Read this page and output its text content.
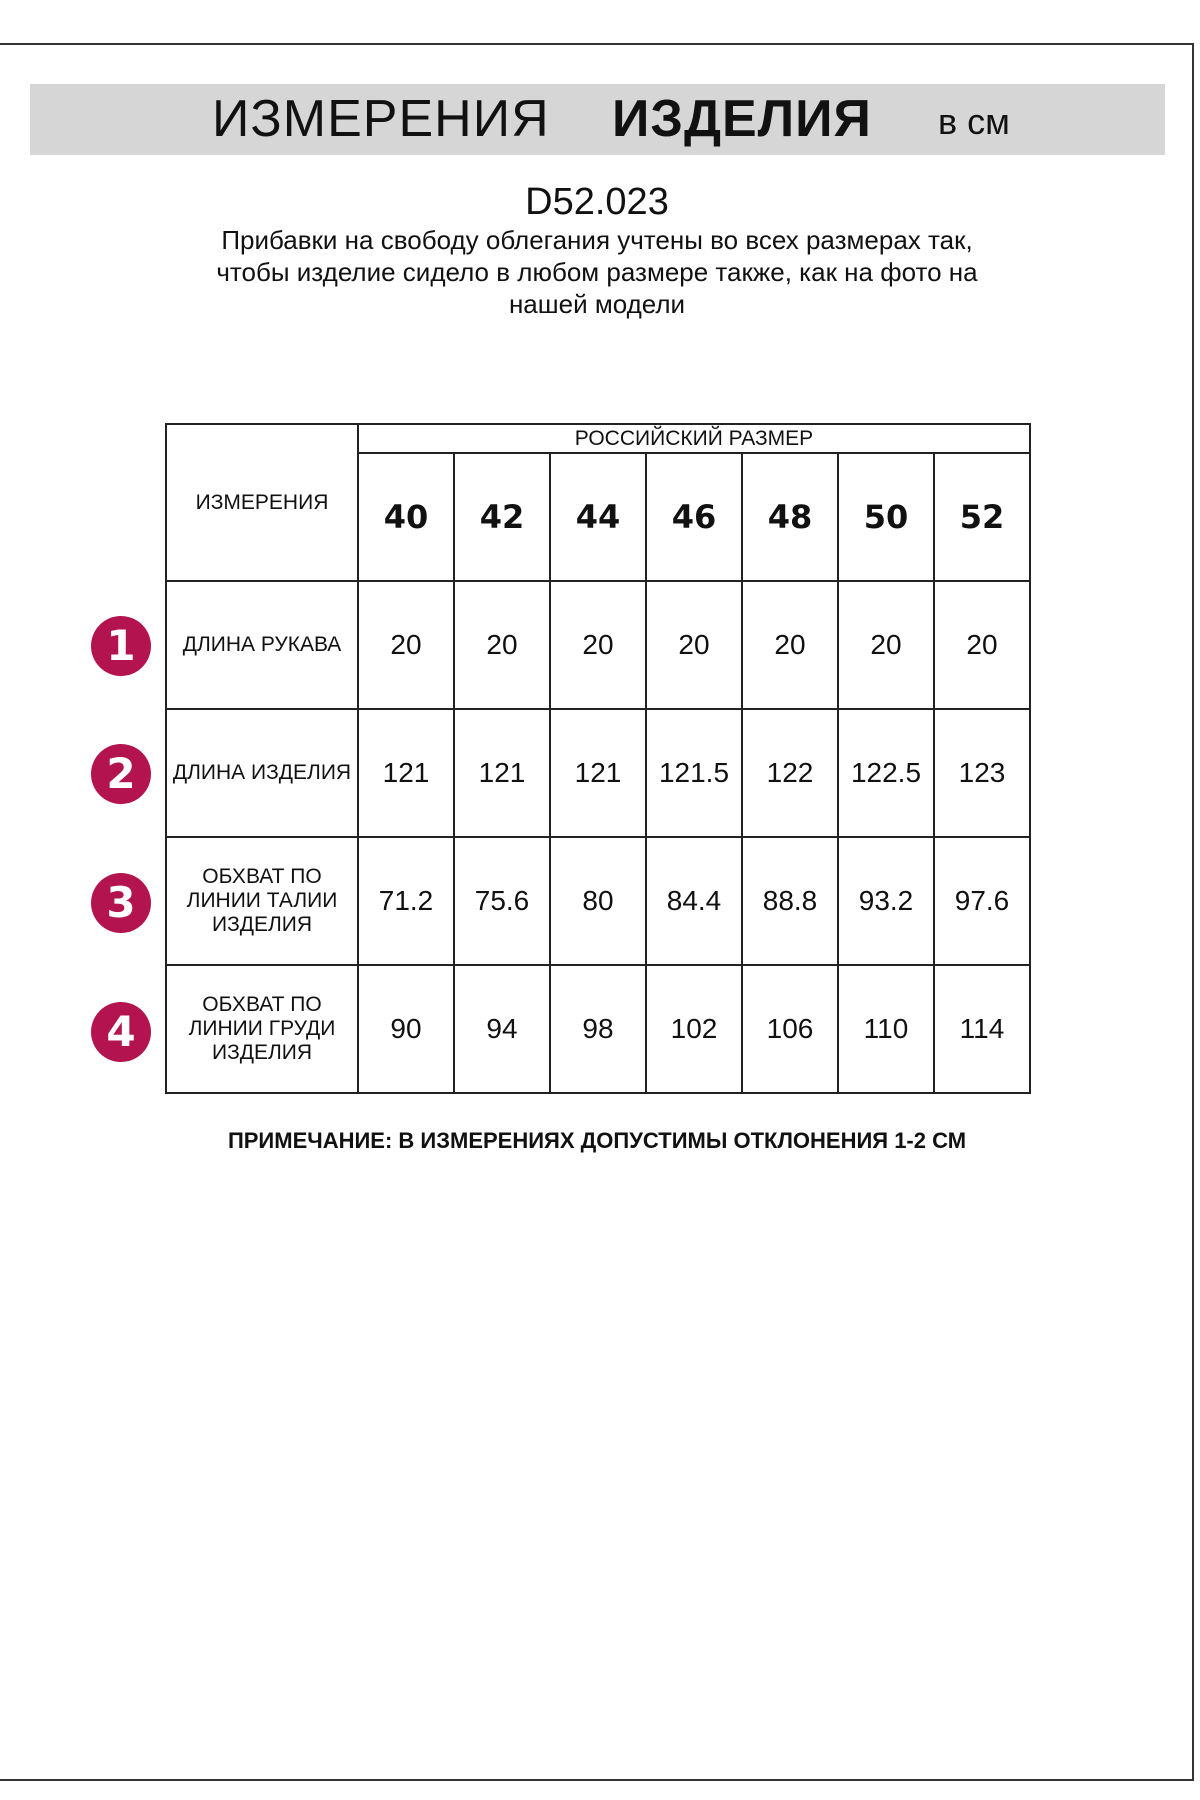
ИЗМЕРЕНИЯ ИЗДЕЛИЯ в см
D52.023
Прибавки на свободу облегания учтены во всех размерах так,
чтобы изделие сидело в любом размере также, как на фото на
нашей модели
ИЗМЕРЕНИЯ	РОССИЙСКИЙ РАЗМЕР						
	40	42	44	46	48	50	52

ДЛИНА РУКАВА	20	20	20	20	20	20	20

ДЛИНА ИЗДЕЛИЯ	121	121	121	121.5	122	122.5	123

ОБХВАТ ПО
ЛИНИИ ТАЛИИ
ИЗДЕЛИЯ	71.2	75.6	80	84.4	88.8	93.2	97.6

ОБХВАТ ПО
ЛИНИИ ГРУДИ
ИЗДЕЛИЯ	90	94	98	102	106	110	114
1
2
3
4
ПРИМЕЧАНИЕ: В ИЗМЕРЕНИЯХ ДОПУСТИМЫ ОТКЛОНЕНИЯ 1-2 СМ
